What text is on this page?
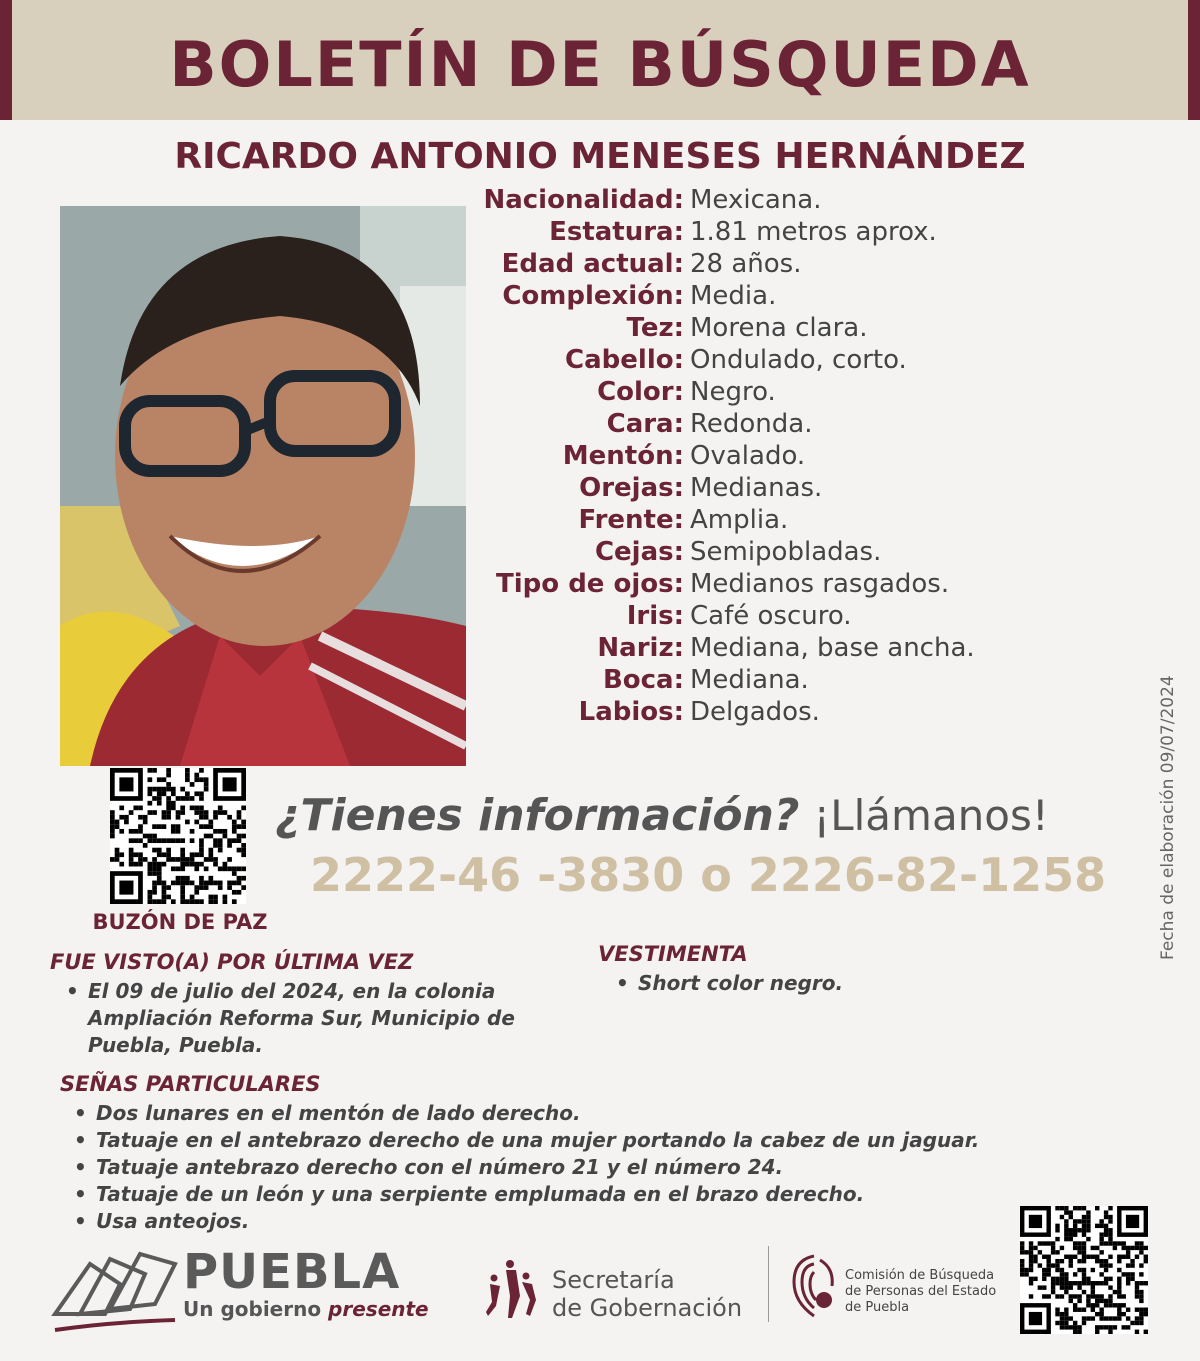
BOLETÍN DE BÚSQUEDA
RICARDO ANTONIO MENESES HERNÁNDEZ
Nacionalidad: Mexicana.
Estatura: 1.81 metros aprox.
Edad actual: 28 años.
Complexión: Media.
Tez: Morena clara.
Cabello: Ondulado, corto.
Color: Negro.
Cara: Redonda.
Mentón: Ovalado.
Orejas: Medianas.
Frente: Amplia.
Cejas: Semipobladas.
Tipo de ojos: Medianos rasgados.
Iris: Café oscuro.
Nariz: Mediana, base ancha.
Boca: Mediana.
Labios: Delgados.
BUZÓN DE PAZ
¿Tienes información? ¡Llámanos!
2222-46 -3830 o 2226-82-1258	Fecha de elaboración 09/07/2024
FUE VISTO(A) POR ÚLTIMA VEZ
• El 09 de julio del 2024, en la colonia Ampliación Reforma Sur, Municipio de Puebla, Puebla.
VESTIMENTA
• Short color negro.
SEÑAS PARTICULARES
• Dos lunares en el mentón de lado derecho.
• Tatuaje en el antebrazo derecho de una mujer portando la cabez de un jaguar.
• Tatuaje antebrazo derecho con el número 21 y el número 24.
• Tatuaje de un león y una serpiente emplumada en el brazo derecho.
• Usa anteojos.
PUEBLA
Un gobierno presente
Secretaría
de Gobernación
Comisión de Búsqueda
de Personas del Estado
de Puebla
